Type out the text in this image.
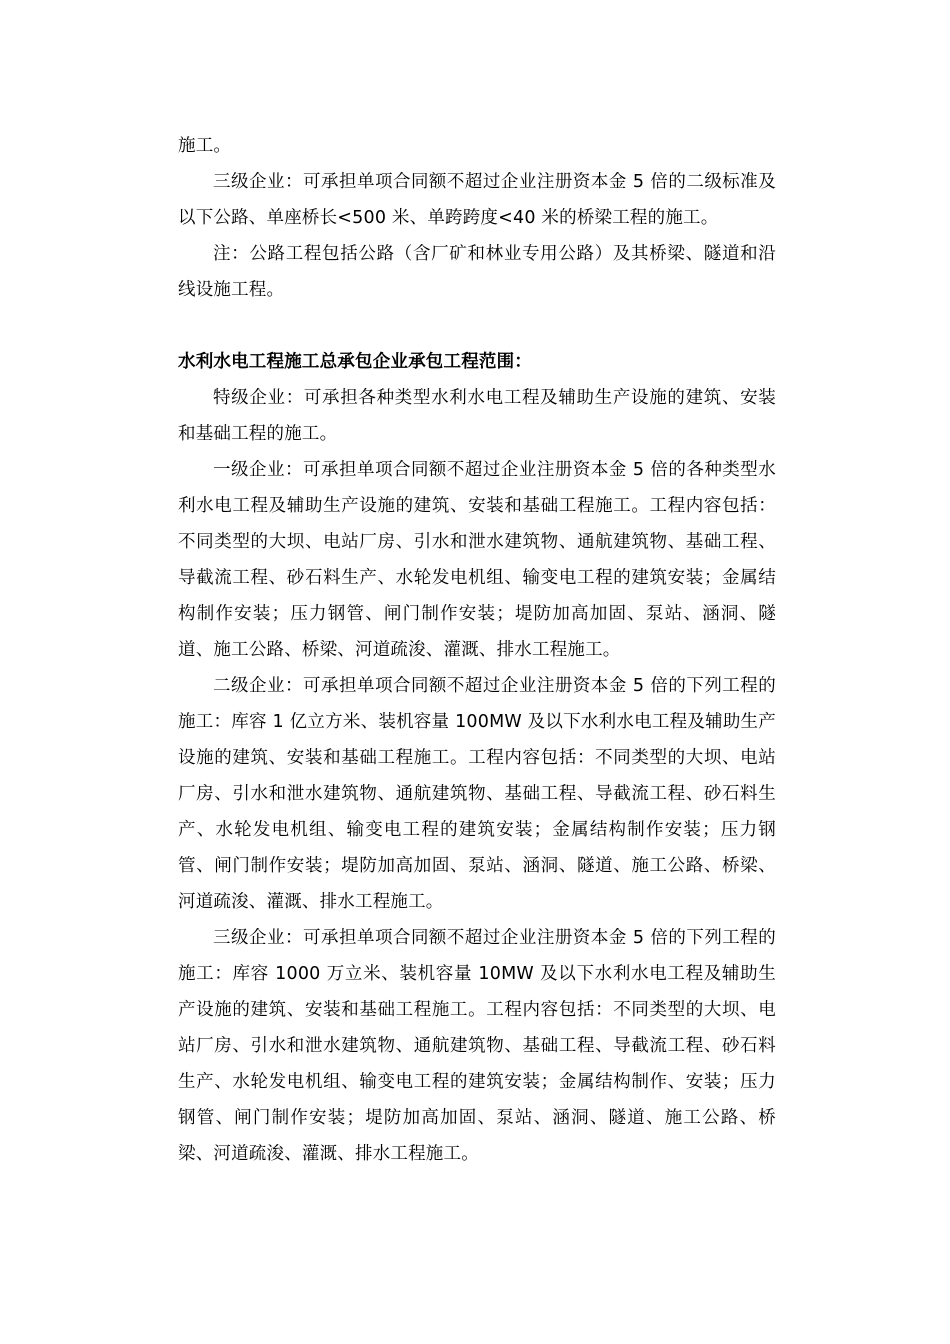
施工。

三级企业：可承担单项合同额不超过企业注册资本金 5 倍的二级标准及以下公路、单座桥长<500 米、单跨跨度<40 米的桥梁工程的施工。

注：公路工程包括公路（含厂矿和林业专用公路）及其桥梁、隧道和沿线设施工程。

水利水电工程施工总承包企业承包工程范围：

特级企业：可承担各种类型水利水电工程及辅助生产设施的建筑、安装和基础工程的施工。

一级企业：可承担单项合同额不超过企业注册资本金 5 倍的各种类型水利水电工程及辅助生产设施的建筑、安装和基础工程施工。工程内容包括：不同类型的大坝、电站厂房、引水和泄水建筑物、通航建筑物、基础工程、导截流工程、砂石料生产、水轮发电机组、输变电工程的建筑安装；金属结构制作安装；压力钢管、闸门制作安装；堤防加高加固、泵站、涵洞、隧道、施工公路、桥梁、河道疏浚、灌溉、排水工程施工。

二级企业：可承担单项合同额不超过企业注册资本金 5 倍的下列工程的施工：库容 1 亿立方米、装机容量 100MW 及以下水利水电工程及辅助生产设施的建筑、安装和基础工程施工。工程内容包括：不同类型的大坝、电站厂房、引水和泄水建筑物、通航建筑物、基础工程、导截流工程、砂石料生产、水轮发电机组、输变电工程的建筑安装；金属结构制作安装；压力钢管、闸门制作安装；堤防加高加固、泵站、涵洞、隧道、施工公路、桥梁、河道疏浚、灌溉、排水工程施工。

三级企业：可承担单项合同额不超过企业注册资本金 5 倍的下列工程的施工：库容 1000 万立米、装机容量 10MW 及以下水利水电工程及辅助生产设施的建筑、安装和基础工程施工。工程内容包括：不同类型的大坝、电站厂房、引水和泄水建筑物、通航建筑物、基础工程、导截流工程、砂石料生产、水轮发电机组、输变电工程的建筑安装；金属结构制作、安装；压力钢管、闸门制作安装；堤防加高加固、泵站、涵洞、隧道、施工公路、桥梁、河道疏浚、灌溉、排水工程施工。
